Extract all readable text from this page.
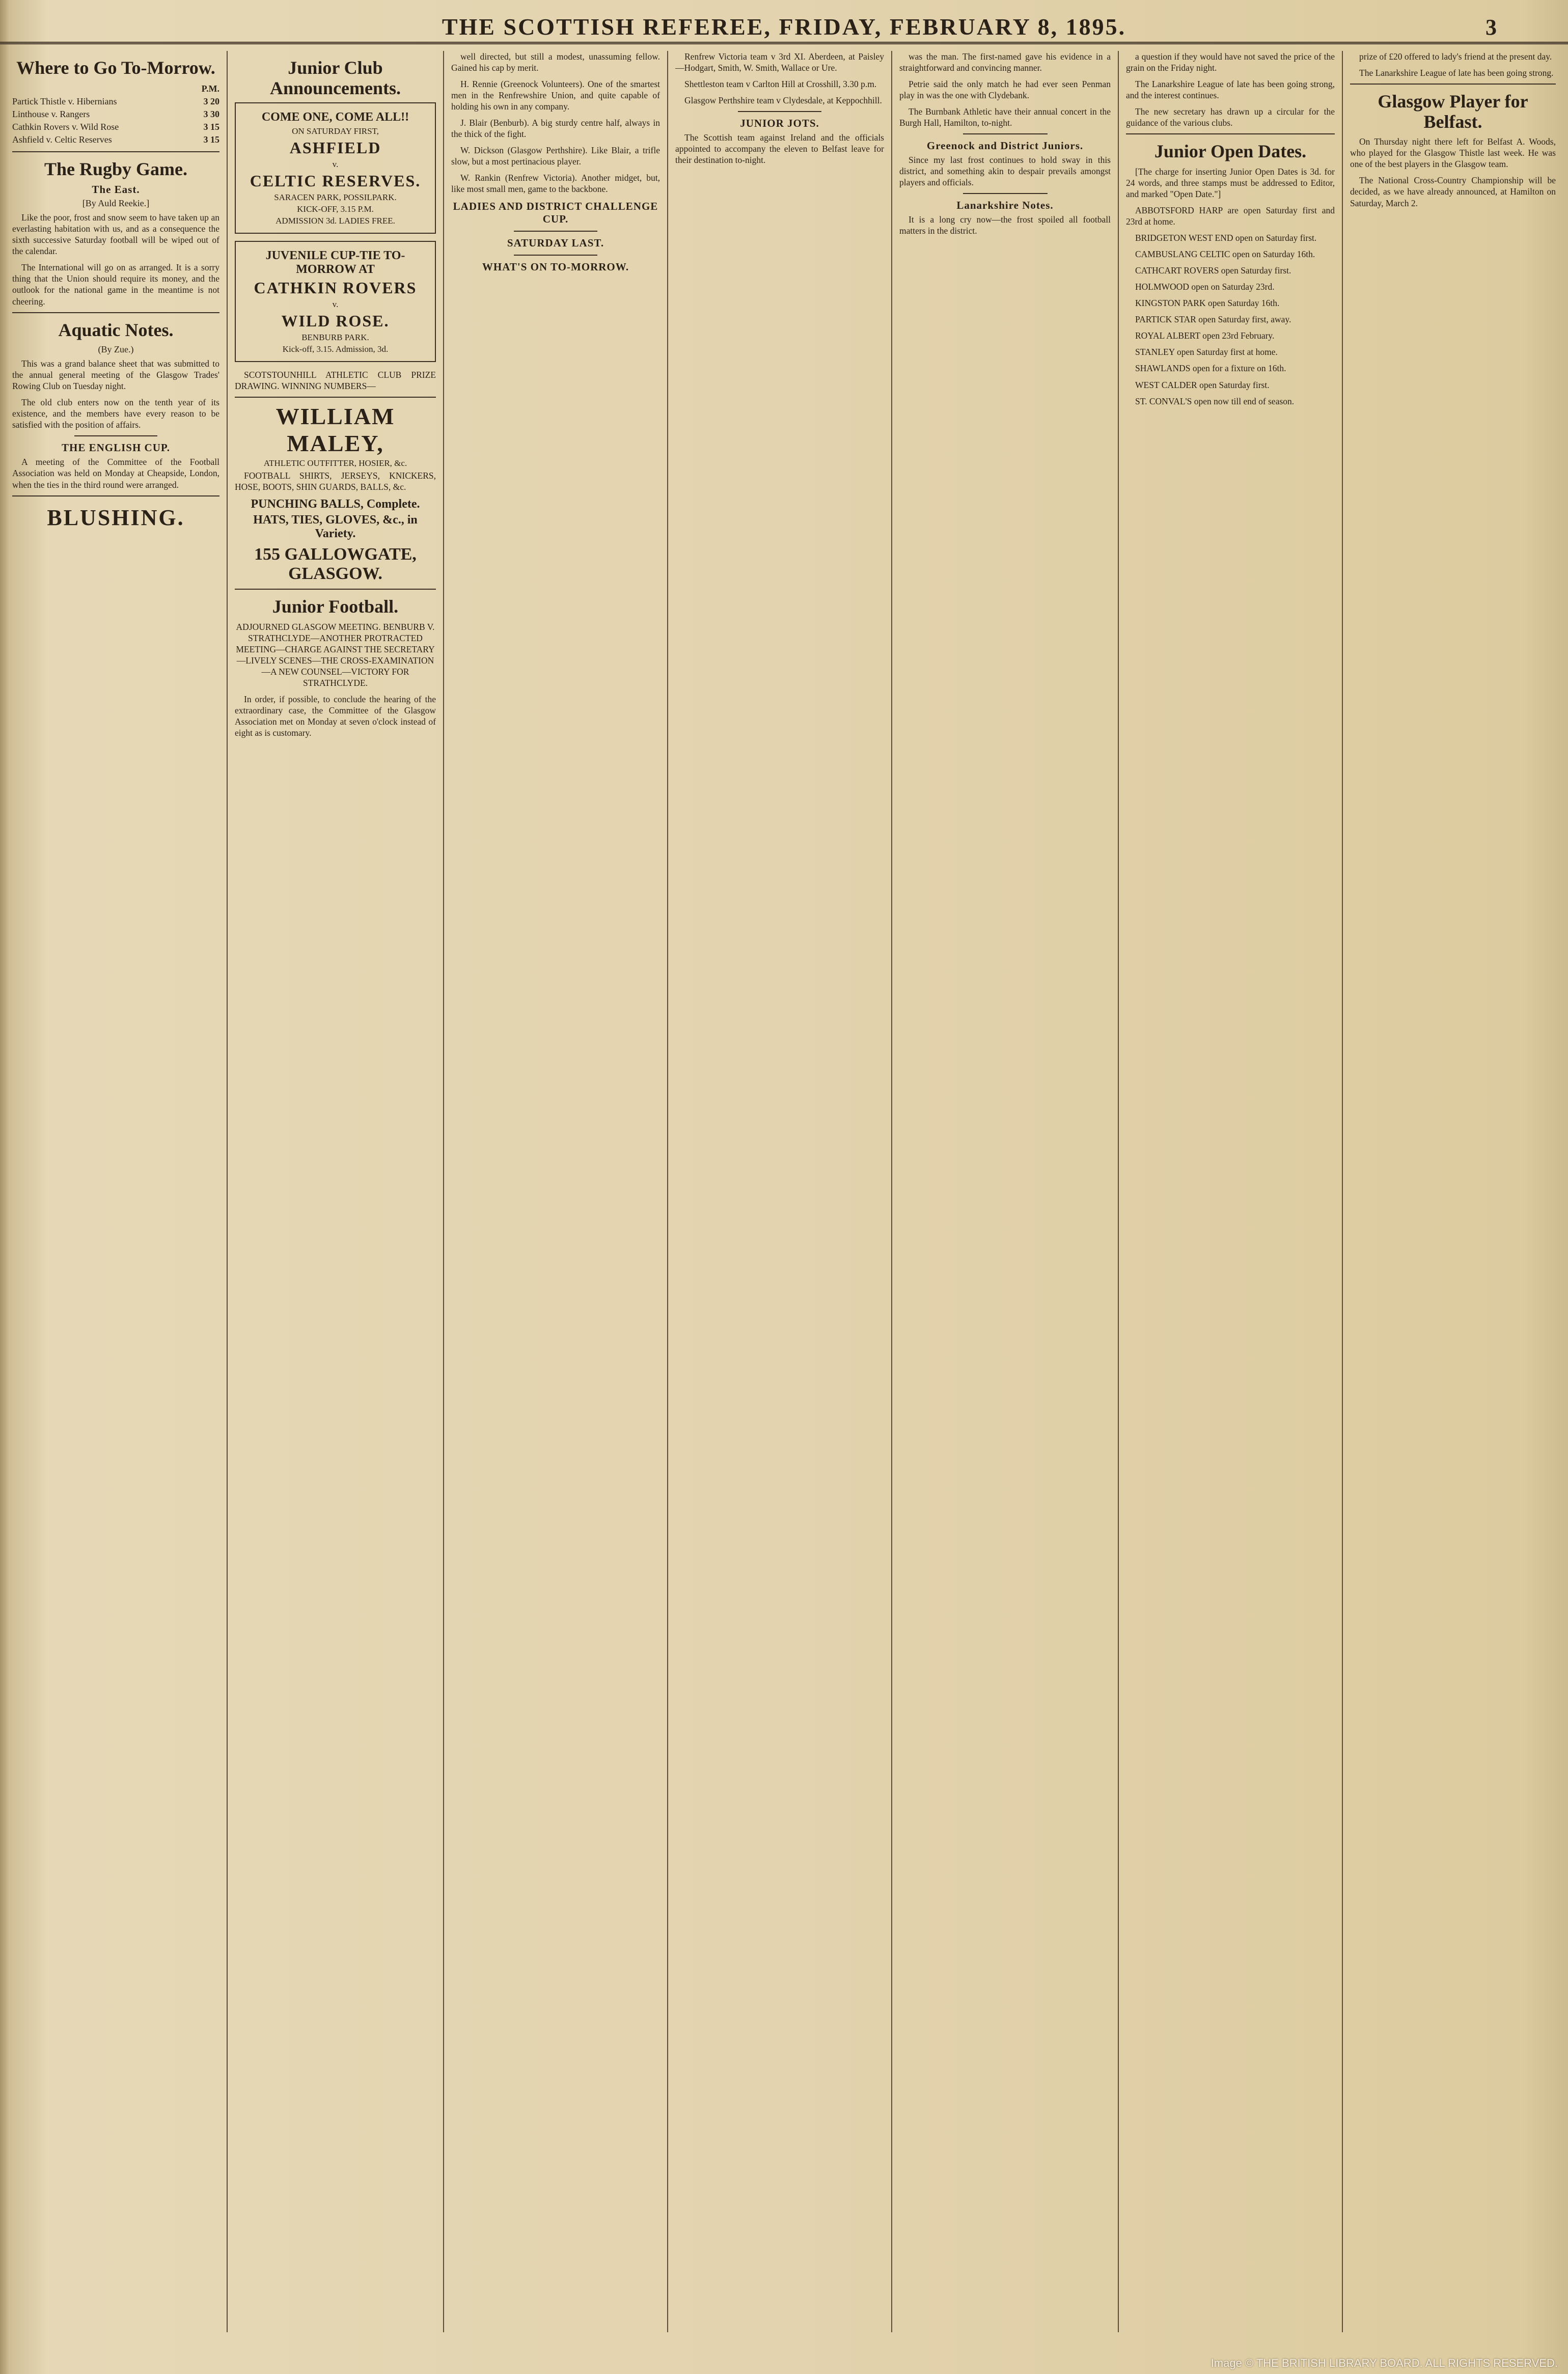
THE SCOTTISH REFEREE, FRIDAY, FEBRUARY 8, 1895.	3
Where to Go To-Morrow.
	P.M.
Partick Thistle v. Hibernians	3 20
Linthouse v. Rangers	3 30
Cathkin Rovers v. Wild Rose	3 15
Ashfield v. Celtic Reserves	3 15
The Rugby Game.
The East.
[By Auld Reekie.]

Like the poor, frost and snow seem to have taken up an everlasting habitation with us, and as a consequence the sixth successive Saturday football will be wiped out of the calendar.

The International will go on as arranged. It is a sorry thing that the Union should require its money, and the outlook for the national game in the meantime is not cheering.

Aquatic Notes.
(By Zue.)

This was a grand balance sheet that was submitted to the annual general meeting of the Glasgow Trades' Rowing Club on Tuesday night.

The old club enters now on the tenth year of its existence, and the members have every reason to be satisfied with the position of affairs.

THE ENGLISH CUP.

A meeting of the Committee of the Football Association was held on Monday at Cheapside, London, when the ties in the third round were arranged.

BLUSHING.
Junior Club Announcements.
COME ONE, COME ALL!!
ON SATURDAY FIRST,
ASHFIELD
v.
CELTIC RESERVES.
SARACEN PARK, POSSILPARK.
KICK-OFF, 3.15 P.M.
ADMISSION 3d. LADIES FREE.
JUVENILE CUP-TIE TO-MORROW AT
CATHKIN ROVERS
v.
WILD ROSE.
BENBURB PARK.
Kick-off, 3.15. Admission, 3d.

SCOTSTOUNHILL ATHLETIC CLUB PRIZE DRAWING. WINNING NUMBERS—

WILLIAM MALEY,
ATHLETIC OUTFITTER, HOSIER, &c.

FOOTBALL SHIRTS, JERSEYS, KNICKERS, HOSE, BOOTS, SHIN GUARDS, BALLS, &c.

PUNCHING BALLS, Complete.
HATS, TIES, GLOVES, &c., in Variety.
155 GALLOWGATE, GLASGOW.
Junior Football.

ADJOURNED GLASGOW MEETING. BENBURB V. STRATHCLYDE—ANOTHER PROTRACTED MEETING—CHARGE AGAINST THE SECRETARY—LIVELY SCENES—THE CROSS-EXAMINATION—A NEW COUNSEL—VICTORY FOR STRATHCLYDE.

In order, if possible, to conclude the hearing of the extraordinary case, the Committee of the Glasgow Association met on Monday at seven o'clock instead of eight as is customary.

well directed, but still a modest, unassuming fellow. Gained his cap by merit.

H. Rennie (Greenock Volunteers). One of the smartest men in the Renfrewshire Union, and quite capable of holding his own in any company.

J. Blair (Benburb). A big sturdy centre half, always in the thick of the fight.

W. Dickson (Glasgow Perthshire). Like Blair, a trifle slow, but a most pertinacious player.

W. Rankin (Renfrew Victoria). Another midget, but, like most small men, game to the backbone.

LADIES AND DISTRICT CHALLENGE CUP.
SATURDAY LAST.
WHAT'S ON TO-MORROW.

Renfrew Victoria team v 3rd XI. Aberdeen, at Paisley—Hodgart, Smith, W. Smith, Wallace or Ure.

Shettleston team v Carlton Hill at Crosshill, 3.30 p.m.

Glasgow Perthshire team v Clydesdale, at Keppochhill.

JUNIOR JOTS.

The Scottish team against Ireland and the officials appointed to accompany the eleven to Belfast leave for their destination to-night.

was the man. The first-named gave his evidence in a straightforward and convincing manner.

Petrie said the only match he had ever seen Penman play in was the one with Clydebank.

The Burnbank Athletic have their annual concert in the Burgh Hall, Hamilton, to-night.

Greenock and District Juniors.

Since my last frost continues to hold sway in this district, and something akin to despair prevails amongst players and officials.

Lanarkshire Notes.

It is a long cry now—the frost spoiled all football matters in the district.

a question if they would have not saved the price of the grain on the Friday night.

The Lanarkshire League of late has been going strong, and the interest continues.

The new secretary has drawn up a circular for the guidance of the various clubs.

Junior Open Dates.

[The charge for inserting Junior Open Dates is 3d. for 24 words, and three stamps must be addressed to Editor, and marked "Open Date."]

ABBOTSFORD HARP are open Saturday first and 23rd at home.

BRIDGETON WEST END open on Saturday first.

CAMBUSLANG CELTIC open on Saturday 16th.

CATHCART ROVERS open Saturday first.

HOLMWOOD open on Saturday 23rd.

KINGSTON PARK open Saturday 16th.

PARTICK STAR open Saturday first, away.

ROYAL ALBERT open 23rd February.

STANLEY open Saturday first at home.

SHAWLANDS open for a fixture on 16th.

WEST CALDER open Saturday first.

ST. CONVAL'S open now till end of season.

prize of £20 offered to lady's friend at the present day.

The Lanarkshire League of late has been going strong.

Glasgow Player for Belfast.

On Thursday night there left for Belfast A. Woods, who played for the Glasgow Thistle last week. He was one of the best players in the Glasgow team.

The National Cross-Country Championship will be decided, as we have already announced, at Hamilton on Saturday, March 2.

Image © THE BRITISH LIBRARY BOARD. ALL RIGHTS RESERVED.
